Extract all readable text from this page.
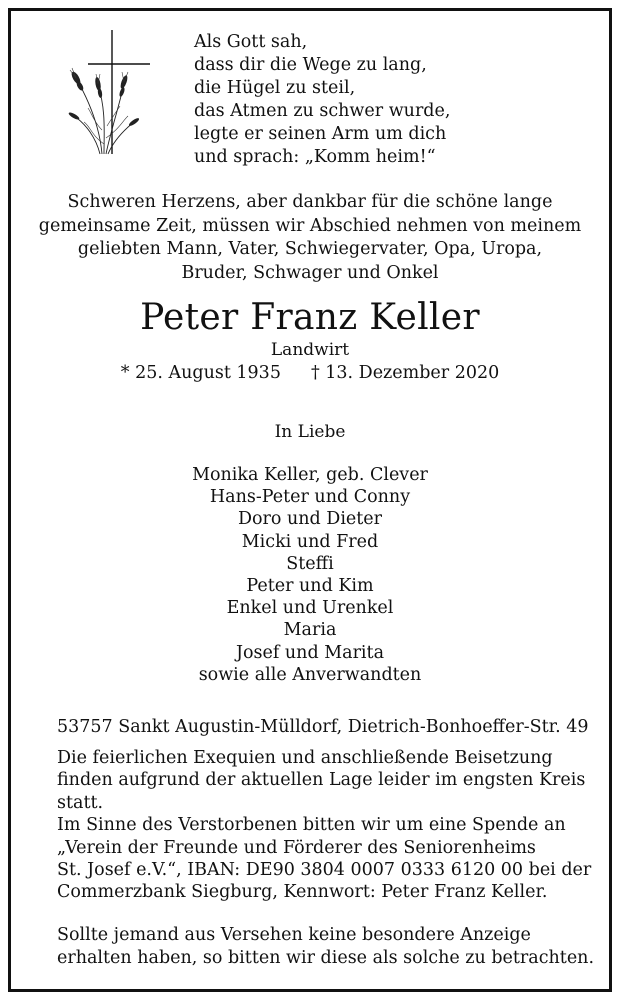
Als Gott sah,
dass dir die Wege zu lang,
die Hügel zu steil,
das Atmen zu schwer wurde,
legte er seinen Arm um dich
und sprach: „Komm heim!“
Schweren Herzens, aber dankbar für die schöne lange
gemeinsame Zeit, müssen wir Abschied nehmen von meinem
geliebten Mann, Vater, Schwiegervater, Opa, Uropa,
Bruder, Schwager und Onkel
Peter Franz Keller
Landwirt
* 25. August 1935 † 13. Dezember 2020
In Liebe
Monika Keller, geb. Clever
Hans-Peter und Conny
Doro und Dieter
Micki und Fred
Steffi
Peter und Kim
Enkel und Urenkel
Maria
Josef und Marita
sowie alle Anverwandten
53757 Sankt Augustin-Mülldorf, Dietrich-Bonhoeffer-Str. 49
Die feierlichen Exequien und anschließende Beisetzung
finden aufgrund der aktuellen Lage leider im engsten Kreis
statt.
Im Sinne des Verstorbenen bitten wir um eine Spende an
„Verein der Freunde und Förderer des Seniorenheims
St. Josef e.V.“, IBAN: DE90 3804 0007 0333 6120 00 bei der
Commerzbank Siegburg, Kennwort: Peter Franz Keller.
Sollte jemand aus Versehen keine besondere Anzeige
erhalten haben, so bitten wir diese als solche zu betrachten.
